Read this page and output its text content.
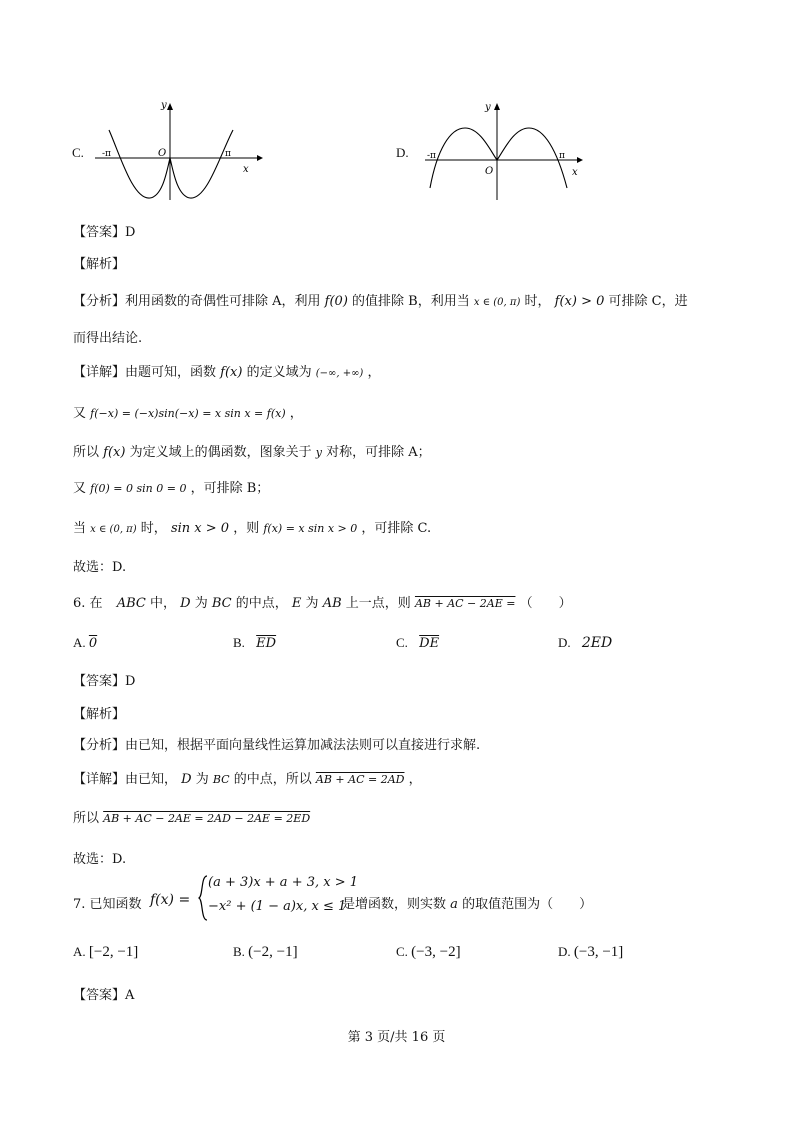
C.
y
x
O
-π	π	D.
y
x
O
-π	π
【答案】D
【解析】
【分析】利用函数的奇偶性可排除 A，利用 f(0) 的值排除 B，利用当 x ∈ (0, π) 时， f(x) > 0 可排除 C，进
而得出结论.
【详解】由题可知，函数 f(x) 的定义域为 (−∞, +∞) ，
又 f(−x) = (−x)sin(−x) = x sin x = f(x) ，
所以 f(x) 为定义域上的偶函数，图象关于 y 对称，可排除 A；
又 f(0) = 0 sin 0 = 0 ，可排除 B；
当 x ∈ (0, π) 时， sin x > 0 ，则 f(x) = x sin x > 0 ，可排除 C.
故选：D.
6. 在 ABC 中， D 为 BC 的中点， E 为 AB 上一点，则 AB + AC − 2AE = （　　）
A. 0	B. $\overline{ED}$	C. $\overline{DE}$	D. 2ED
【答案】D
【解析】
【分析】由已知，根据平面向量线性运算加减法法则可以直接进行求解.
【详解】由已知， D 为 BC 的中点，所以 AB + AC = 2AD ，
所以 AB + AC − 2AE = 2AD − 2AE = 2ED
故选：D.
7. 已知函数 f(x) =
(a + 3)x + a + 3, x > 1
−x² + (1 − a)x, x ≤ 1
是增函数，则实数 a 的取值范围为（　　）
A. [−2, −1]	B. (−2, −1]	C. (−3, −2]	D. (−3, −1]
【答案】A
第 3 页/共 16 页
